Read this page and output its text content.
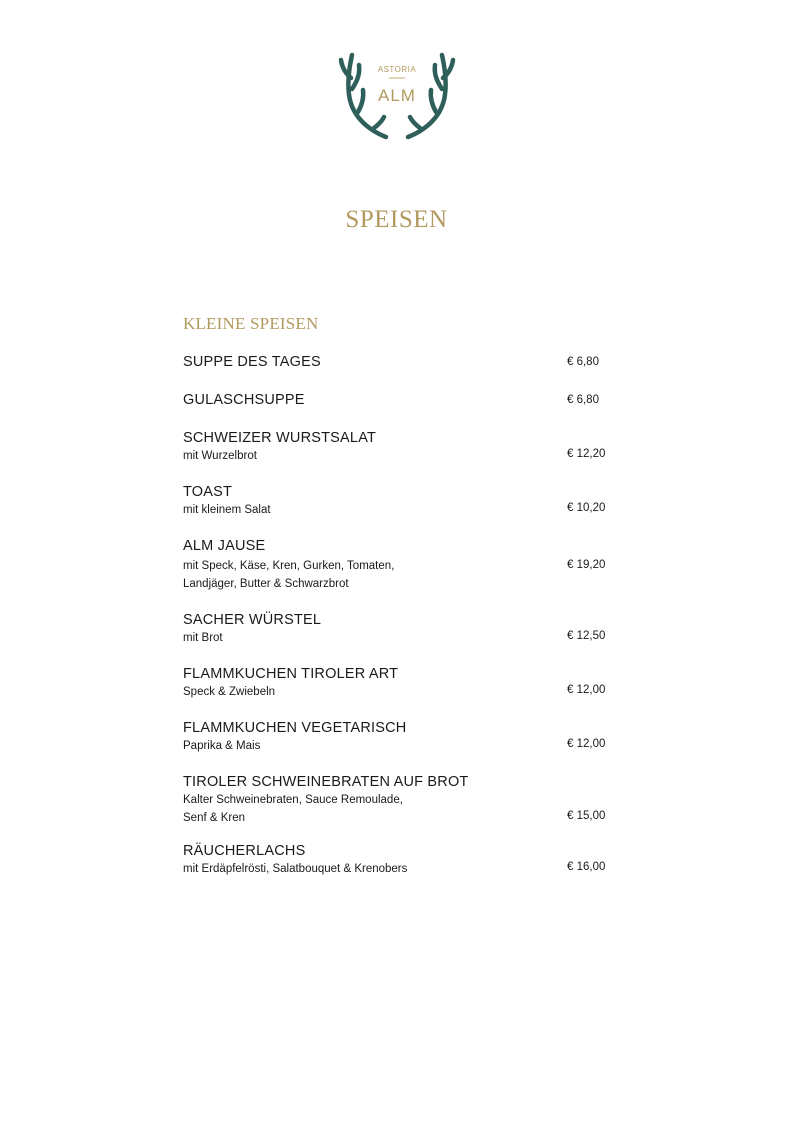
ASTORIA
ALM
SPEISEN
KLEINE SPEISEN
SUPPE DES TAGES	€ 6,80
GULASCHSUPPE	€ 6,80
SCHWEIZER WURSTSALAT
mit Wurzelbrot	€ 12,20
TOAST
mit kleinem Salat	€ 10,20
ALM JAUSE
mit Speck, Käse, Kren, Gurken, Tomaten,
Landjäger, Butter & Schwarzbrot
€ 19,20
SACHER WÜRSTEL
mit Brot	€ 12,50
FLAMMKUCHEN TIROLER ART
Speck & Zwiebeln	€ 12,00
FLAMMKUCHEN VEGETARISCH
Paprika & Mais	€ 12,00
TIROLER SCHWEINEBRATEN AUF BROT
Kalter Schweinebraten, Sauce Remoulade,
Senf & Kren	€ 15,00
RÄUCHERLACHS
mit Erdäpfelrösti, Salatbouquet & Krenobers	€ 16,00
